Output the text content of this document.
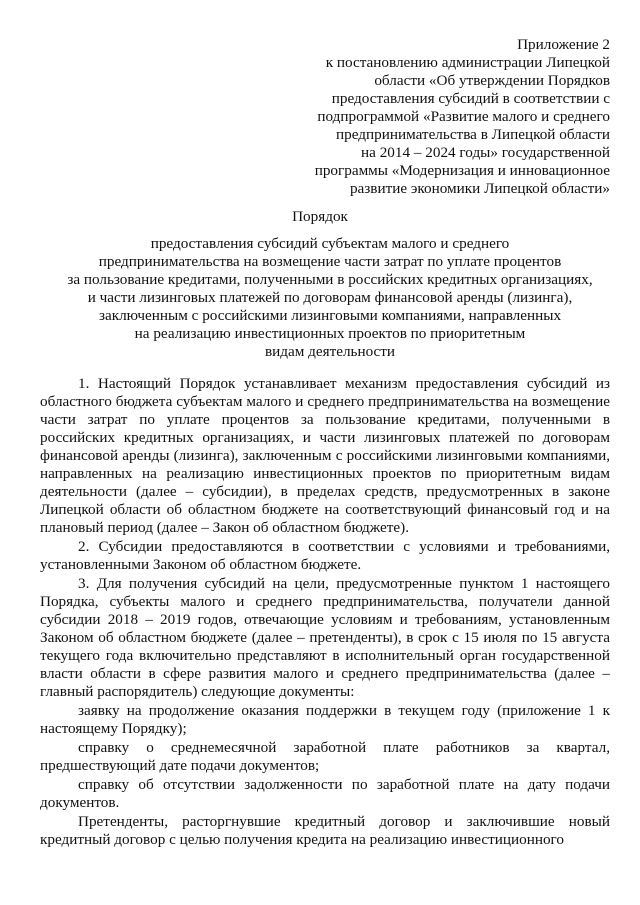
Приложение 2
к постановлению администрации Липецкой
области «Об утверждении Порядков
предоставления субсидий в соответствии с
подпрограммой «Развитие малого и среднего
предпринимательства в Липецкой области
на 2014 – 2024 годы» государственной
программы «Модернизация и инновационное
развитие экономики Липецкой области»
Порядок
предоставления субсидий субъектам малого и среднего
предпринимательства на возмещение части затрат по уплате процентов
за пользование кредитами, полученными в российских кредитных организациях,
и части лизинговых платежей по договорам финансовой аренды (лизинга),
заключенным с российскими лизинговыми компаниями, направленных
на реализацию инвестиционных проектов по приоритетным
видам деятельности

1. Настоящий Порядок устанавливает механизм предоставления субсидий из областного бюджета субъектам малого и среднего предпринимательства на возмещение части затрат по уплате процентов за пользование кредитами, полученными в российских кредитных организациях, и части лизинговых платежей по договорам финансовой аренды (лизинга), заключенным с российскими лизинговыми компаниями, направленных на реализацию инвестиционных проектов по приоритетным видам деятельности (далее – субсидии), в пределах средств, предусмотренных в законе Липецкой области об областном бюджете на соответствующий финансовый год и на плановый период (далее – Закон об областном бюджете).

2. Субсидии предоставляются в соответствии с условиями и требованиями, установленными Законом об областном бюджете.

3. Для получения субсидий на цели, предусмотренные пунктом 1 настоящего Порядка, субъекты малого и среднего предпринимательства, получатели данной субсидии 2018 – 2019 годов, отвечающие условиям и требованиям, установленным Законом об областном бюджете (далее – претенденты), в срок с 15 июля по 15 августа текущего года включительно представляют в исполнительный орган государственной власти области в сфере развития малого и среднего предпринимательства (далее – главный распорядитель) следующие документы:

заявку на продолжение оказания поддержки в текущем году (приложение 1 к настоящему Порядку);

справку о среднемесячной заработной плате работников за квартал, предшествующий дате подачи документов;

справку об отсутствии задолженности по заработной плате на дату подачи документов.

Претенденты, расторгнувшие кредитный договор и заключившие новый кредитный договор с целью получения кредита на реализацию инвестиционного
